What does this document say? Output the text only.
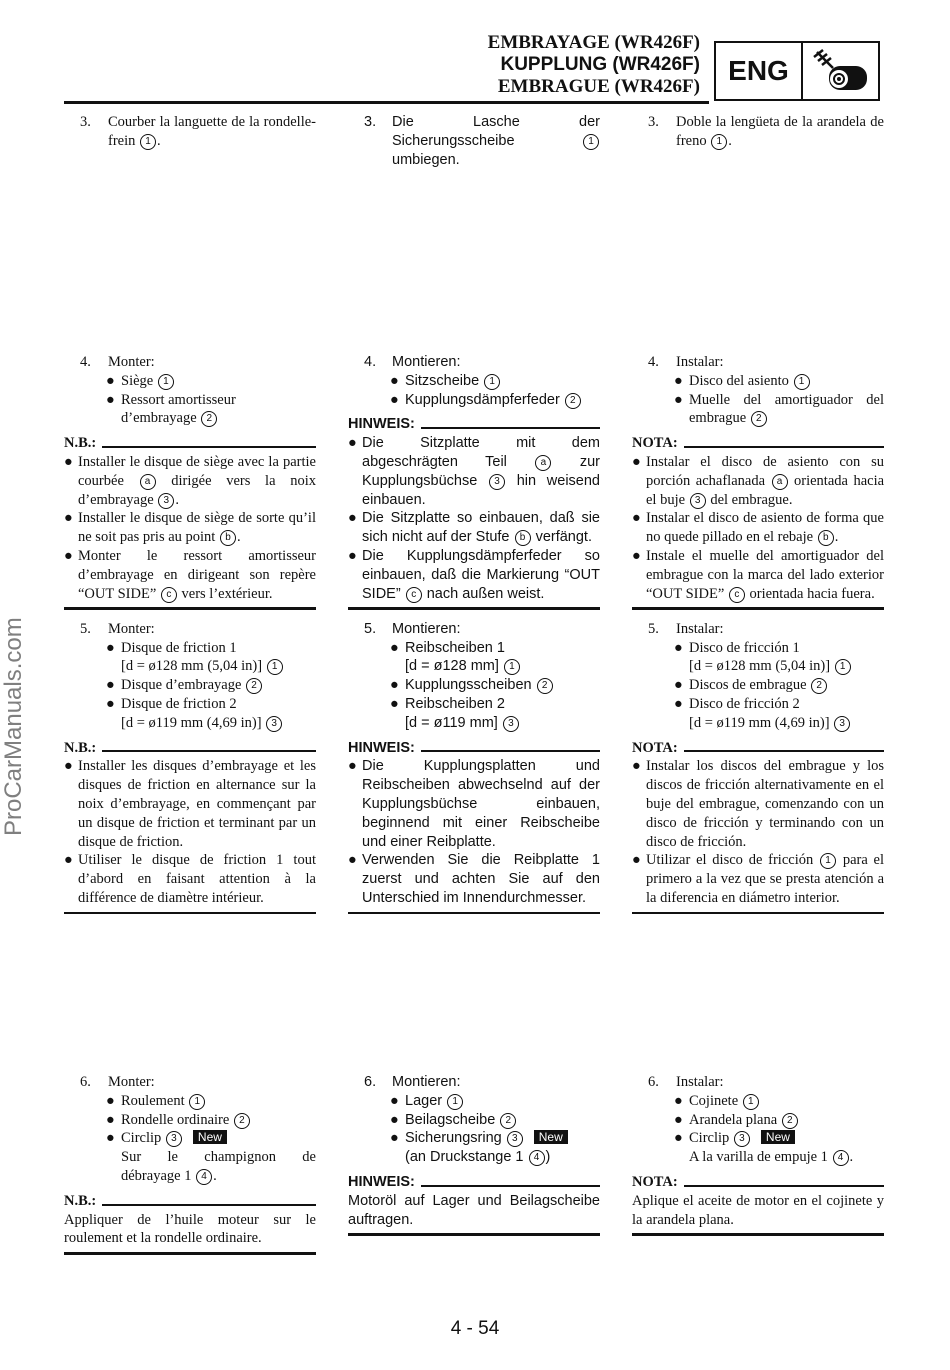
EMBRAYAGE (WR426F)
KUPPLUNG (WR426F)
EMBRAGUE (WR426F)
ENG
ProCarManuals.com
3.	Courber la languette de la rondelle-frein 1 .
4.	Monter:
● Siège 1
● Ressort amortisseur
d’embrayage 2
N.B.:
● Installer le disque de siège avec la partie courbée a dirigée vers la noix d’embrayage 3 .
● Installer le disque de siège de sorte qu’il ne soit pas pris au point b .
● Monter le ressort amortisseur d’embrayage en dirigeant son repère “OUT SIDE” c vers l’extérieur.
5.	Monter:
● Disque de friction 1
[d = ø128 mm (5,04 in)] 1
● Disque d’embrayage 2
● Disque de friction 2
[d = ø119 mm (4,69 in)] 3
N.B.:
● Installer les disques d’embrayage et les disques de friction en alternance sur la noix d’embrayage, en commençant par un disque de friction et terminant par un disque de friction.
● Utiliser le disque de friction 1 tout d’abord en faisant attention à la différence de diamètre intérieur.
6.	Monter:
● Roulement 1
● Rondelle ordinaire 2
● Circlip 3 New
Sur le champignon de
débrayage 1 4 .
N.B.:
Appliquer de l’huile moteur sur le roulement et la rondelle ordinaire.
3.	Die Lasche der Sicherungsscheibe	1 umbiegen.
4.	Montieren:
● Sitzscheibe 1
● Kupplungsdämpferfeder 2
HINWEIS:
● Die Sitzplatte mit dem abgeschrägten Teil	a zur Kupplungsbüchse 3 hin weisend einbauen.
● Die Sitzplatte so einbauen, daß sie sich nicht auf der Stufe b verfängt.
● Die Kupplungsdämpferfeder so einbauen, daß die Markierung “OUT SIDE” c nach außen weist.
5.	Montieren:
● Reibscheiben 1
[d = ø128 mm] 1
● Kupplungsscheiben 2
● Reibscheiben 2
[d = ø119 mm] 3
HINWEIS:
● Die Kupplungsplatten und Reibscheiben abwechselnd auf der Kupplungsbüchse einbauen, beginnend mit einer Reibscheibe und einer Reibplatte.
● Verwenden Sie die Reibplatte 1 zuerst und achten Sie auf den Unterschied im Innendurchmesser.
6.	Montieren:
● Lager 1
● Beilagscheibe 2
● Sicherungsring 3 New
(an Druckstange 1 4 )
HINWEIS:
Motoröl auf Lager und Beilagscheibe auftragen.
3.	Doble la lengüeta de la arandela de freno 1 .
4.	Instalar:
● Disco del asiento 1
● Muelle del amortiguador del
embrague 2
NOTA:
● Instalar el disco de asiento con su porción achaflanada a orientada hacia el buje 3 del embrague.
● Instalar el disco de asiento de forma que no quede pillado en el rebaje b .
● Instale el muelle del amortiguador del embrague con la marca del lado exterior “OUT SIDE” c orientada hacia fuera.
5.	Instalar:
● Disco de fricción 1
[d = ø128 mm (5,04 in)] 1
● Discos de embrague 2
● Disco de fricción 2
[d = ø119 mm (4,69 in)] 3
NOTA:
● Instalar los discos del embrague y los discos de fricción alternativamente en el buje del embrague, comenzando con un disco de fricción y terminando con un disco de fricción.
● Utilizar el disco de fricción 1 para el primero a la vez que se presta atención a la diferencia en diámetro interior.
6.	Instalar:
● Cojinete 1
● Arandela plana 2
● Circlip 3 New
A la varilla de empuje 1 4 .
NOTA:
Aplique el aceite de motor en el cojinete y la arandela plana.
4 - 54
